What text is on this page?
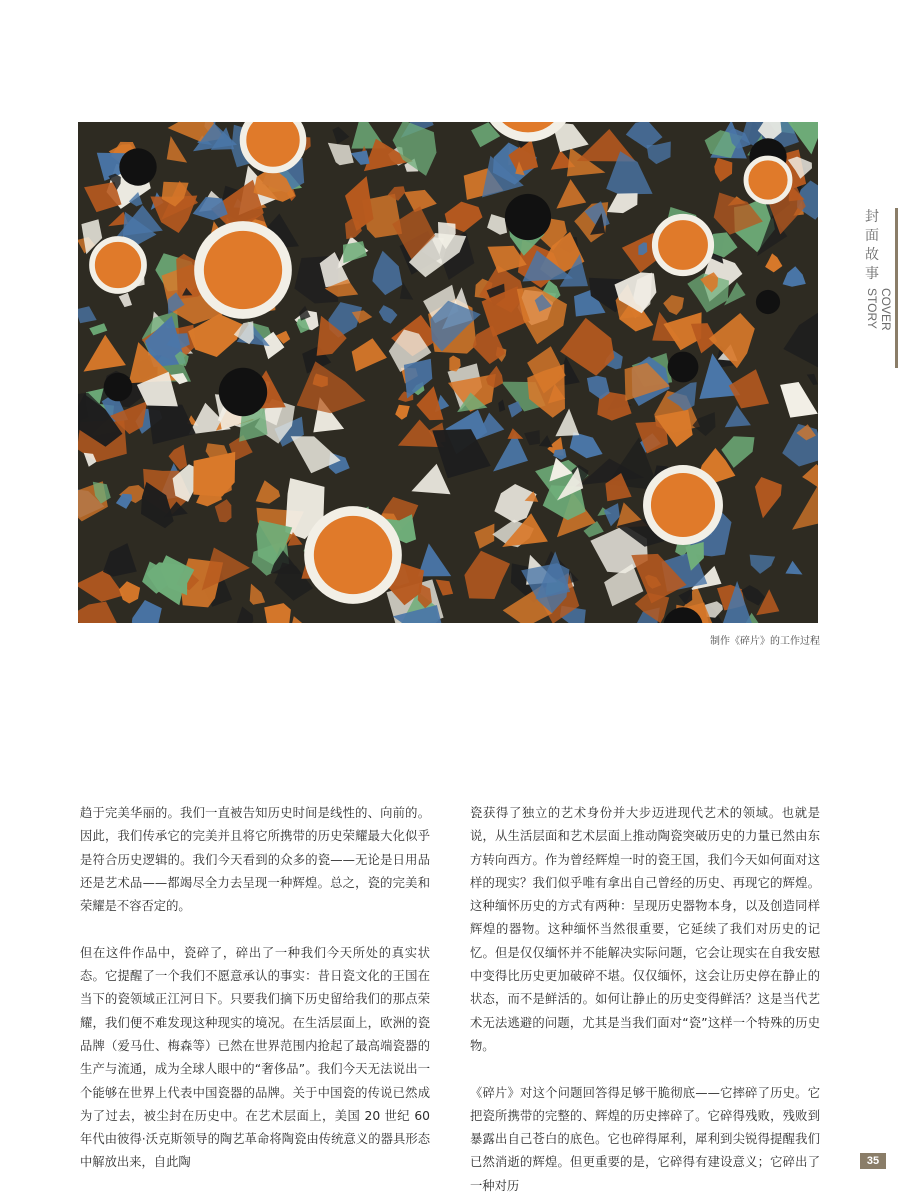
制作《碎片》的工作过程
封面故事
COVER STORY

趋于完美华丽的。我们一直被告知历史时间是线性的、向前的。因此，我们传承它的完美并且将它所携带的历史荣耀最大化似乎是符合历史逻辑的。我们今天看到的众多的瓷——无论是日用品还是艺术品——都竭尽全力去呈现一种辉煌。总之，瓷的完美和荣耀是不容否定的。

但在这件作品中，瓷碎了，碎出了一种我们今天所处的真实状态。它提醒了一个我们不愿意承认的事实：昔日瓷文化的王国在当下的瓷领域正江河日下。只要我们摘下历史留给我们的那点荣耀，我们便不难发现这种现实的境况。在生活层面上，欧洲的瓷品牌（爱马仕、梅森等）已然在世界范围内抢起了最高端瓷器的生产与流通，成为全球人眼中的“奢侈品”。我们今天无法说出一个能够在世界上代表中国瓷器的品牌。关于中国瓷的传说已然成为了过去，被尘封在历史中。在艺术层面上，美国 20 世纪 60 年代由彼得·沃克斯领导的陶艺革命将陶瓷由传统意义的器具形态中解放出来，自此陶

瓷获得了独立的艺术身份并大步迈进现代艺术的领域。也就是说，从生活层面和艺术层面上推动陶瓷突破历史的力量已然由东方转向西方。作为曾经辉煌一时的瓷王国，我们今天如何面对这样的现实？我们似乎唯有拿出自己曾经的历史、再现它的辉煌。这种缅怀历史的方式有两种：呈现历史器物本身，以及创造同样辉煌的器物。这种缅怀当然很重要，它延续了我们对历史的记忆。但是仅仅缅怀并不能解决实际问题，它会让现实在自我安慰中变得比历史更加破碎不堪。仅仅缅怀，这会让历史停在静止的状态，而不是鲜活的。如何让静止的历史变得鲜活？这是当代艺术无法逃避的问题，尤其是当我们面对“瓷”这样一个特殊的历史物。

《碎片》对这个问题回答得足够干脆彻底——它摔碎了历史。它把瓷所携带的完整的、辉煌的历史摔碎了。它碎得残败，残败到暴露出自己苍白的底色。它也碎得犀利，犀利到尖锐得提醒我们已然消逝的辉煌。但更重要的是，它碎得有建设意义；它碎出了一种对历

35
